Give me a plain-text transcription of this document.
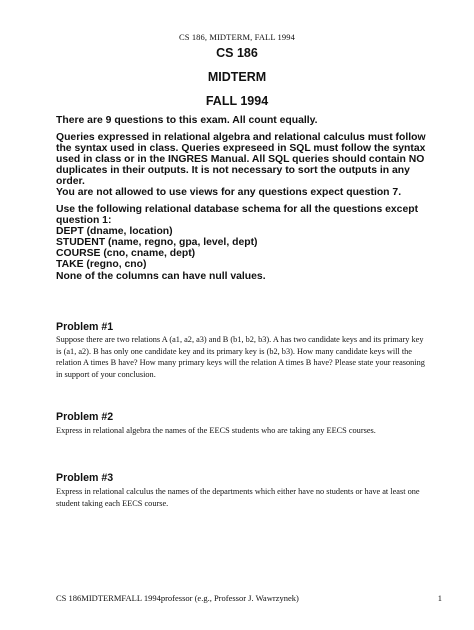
CS 186, MIDTERM, FALL 1994
CS 186
MIDTERM
FALL 1994

There are 9 questions to this exam. All count equally.

Queries expressed in relational algebra and relational calculus must follow the syntax used in class. Queries expreseed in SQL must follow the syntax used in class or in the INGRES Manual. All SQL queries should contain NO duplicates in their outputs. It is not necessary to sort the outputs in any order.

You are not allowed to use views for any questions expect question 7.

Use the following relational database schema for all the questions except question 1:

DEPT (dname, location)

STUDENT (name, regno, gpa, level, dept)

COURSE (cno, cname, dept)

TAKE (regno, cno)

None of the columns can have null values.

Problem #1
Suppose there are two relations A (a1, a2, a3) and B (b1, b2, b3). A has two candidate keys and its primary key is (a1, a2). B has only one candidate key and its primary key is (b2, b3). How many candidate keys will the relation A times B have? How many primary keys will the relation A times B have? Please state your reasoning in support of your conclusion.
Problem #2
Express in relational algebra the names of the EECS students who are taking any EECS courses.
Problem #3
Express in relational calculus the names of the departments which either have no students or have at least one student taking each EECS course.
CS 186MIDTERMFALL 1994professor (e.g., Professor J. Wawrzynek)	1
